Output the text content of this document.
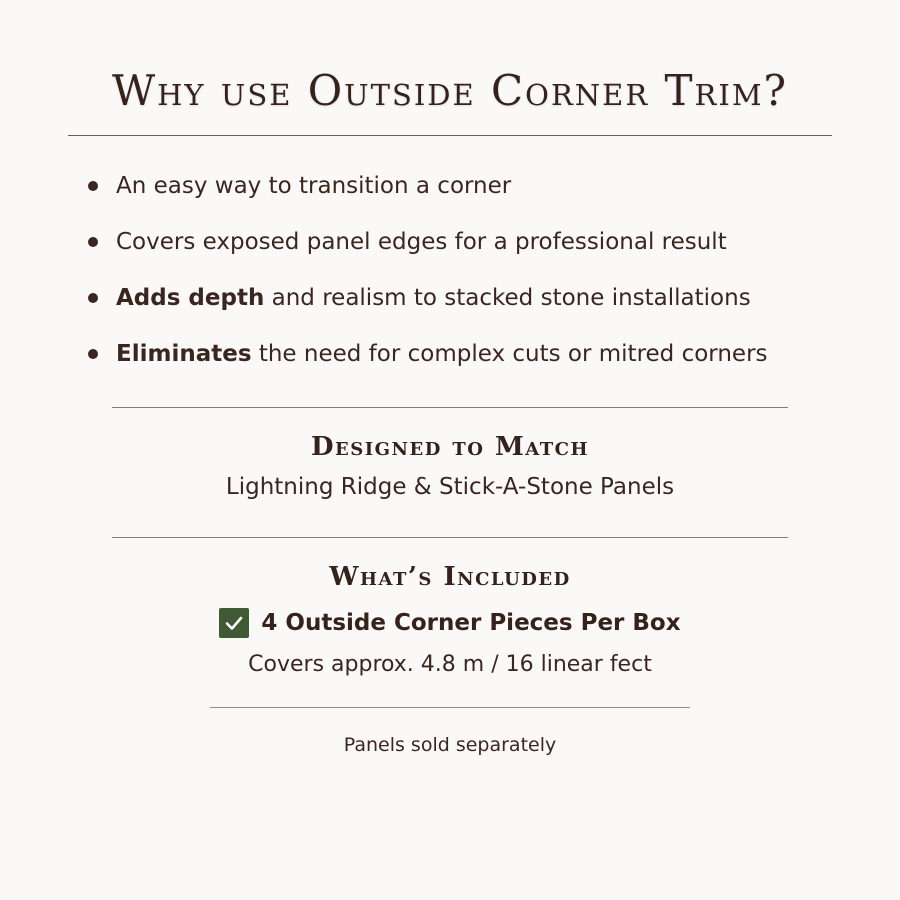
Why use Outside Corner Trim?
An easy way to transition a corner
Covers exposed panel edges for a professional result
Adds depth and realism to stacked stone installations
Eliminates the need for complex cuts or mitred corners
Designed to Match
Lightning Ridge & Stick-A-Stone Panels
What’s Included
4 Outside Corner Pieces Per Box
Covers approx. 4.8 m / 16 linear fect
Panels sold separately
